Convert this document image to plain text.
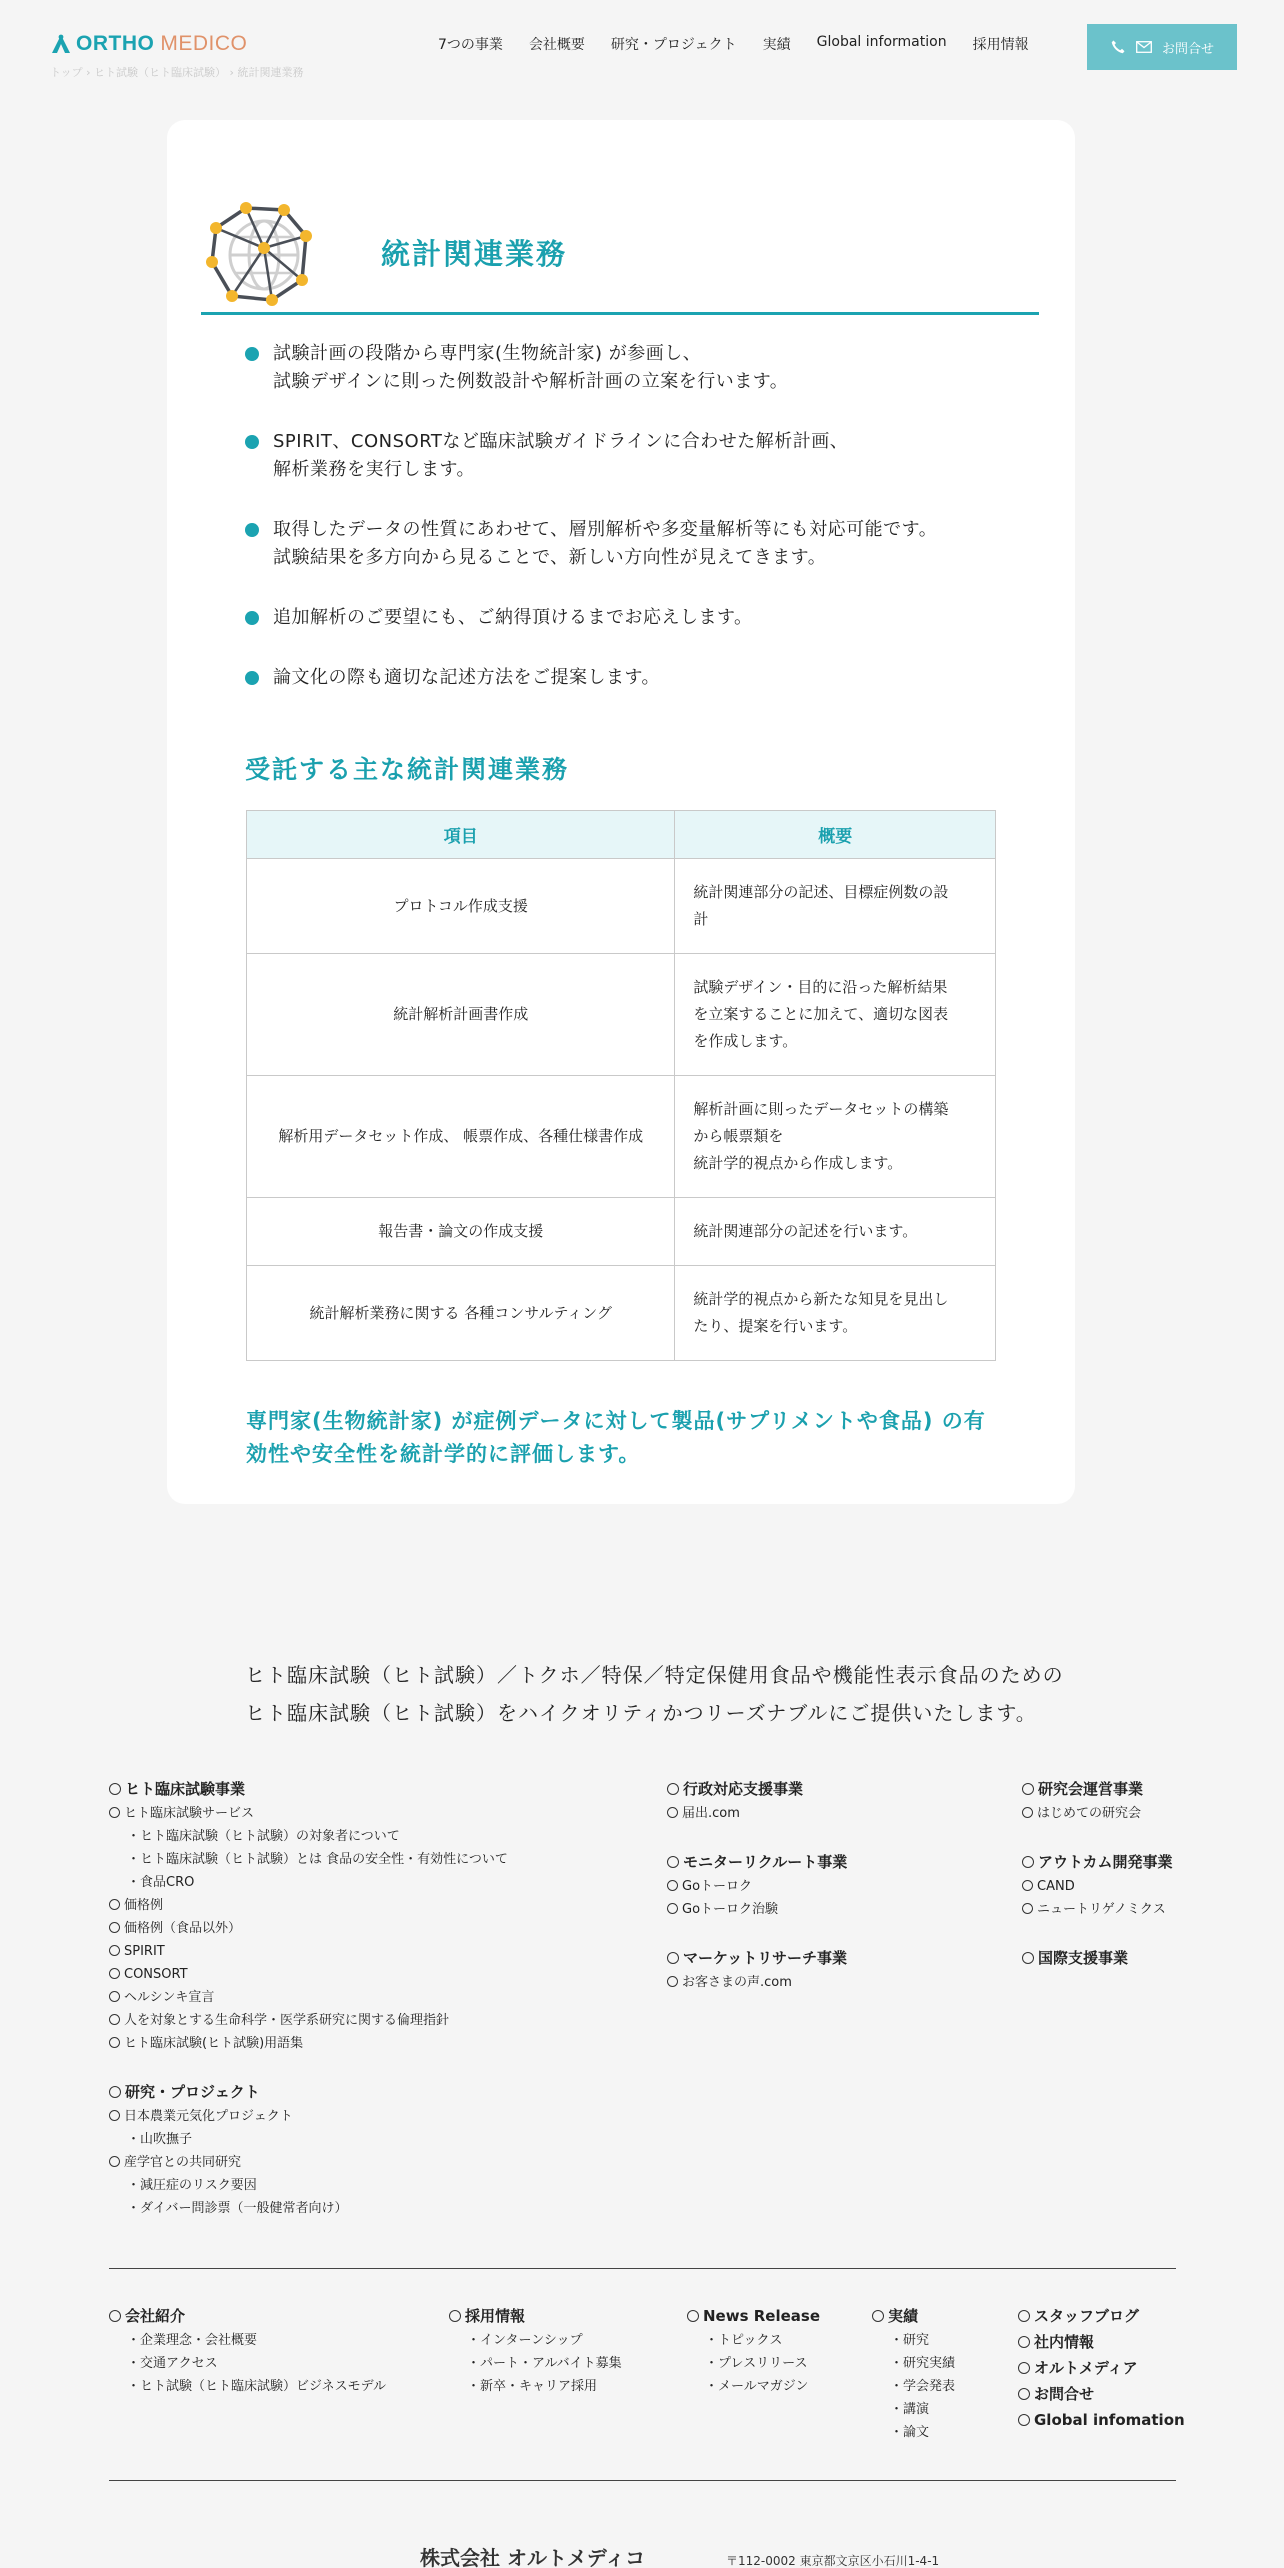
ORTHO MEDICO
トップ › ヒト試験（ヒト臨床試験） › 統計関連業務
7つの事業 会社概要 研究・プロジェクト 実績 Global information 採用情報	お問合せ
統計関連業務
試験計画の段階から専門家(生物統計家) が参画し、
試験デザインに則った例数設計や解析計画の立案を行います。
SPIRIT、CONSORTなど臨床試験ガイドラインに合わせた解析計画、
解析業務を実行します。
取得したデータの性質にあわせて、層別解析や多変量解析等にも対応可能です。
試験結果を多方向から見ることで、新しい方向性が見えてきます。
追加解析のご要望にも、ご納得頂けるまでお応えします。
論文化の際も適切な記述方法をご提案します。
受託する主な統計関連業務
項目	概要
プロトコル作成支援	統計関連部分の記述、目標症例数の設
計
統計解析計画書作成	試験デザイン・目的に沿った解析結果
を立案することに加えて、適切な図表
を作成します。
解析用データセット作成、 帳票作成、各種仕様書作成	解析計画に則ったデータセットの構築
から帳票類を
統計学的視点から作成します。
報告書・論文の作成支援	統計関連部分の記述を行います。
統計解析業務に関する 各種コンサルティング	統計学的視点から新たな知見を見出し
たり、提案を行います。

専門家(生物統計家) が症例データに対して製品(サプリメントや食品) の有
効性や安全性を統計学的に評価します。

ヒト臨床試験（ヒト試験）／トクホ／特保／特定保健用食品や機能性表示食品のための
ヒト臨床試験（ヒト試験）をハイクオリティかつリーズナブルにご提供いたします。
ヒト臨床試験事業
ヒト臨床試験サービス
・ヒト臨床試験（ヒト試験）の対象者について
・ヒト臨床試験（ヒト試験）とは 食品の安全性・有効性について
・食品CRO
価格例
価格例（食品以外）
SPIRIT
CONSORT
ヘルシンキ宣言
人を対象とする生命科学・医学系研究に関する倫理指針
ヒト臨床試験(ヒト試験)用語集
研究・プロジェクト
日本農業元気化プロジェクト
・山吹撫子
産学官との共同研究
・減圧症のリスク要因
・ダイバー問診票（一般健常者向け）
行政対応支援事業
届出.com
モニターリクルート事業
Goトーロク
Goトーロク治験
マーケットリサーチ事業
お客さまの声.com
研究会運営事業
はじめての研究会
アウトカム開発事業
CAND
ニュートリゲノミクス
国際支援事業
会社紹介
・企業理念・会社概要
・交通アクセス
・ヒト試験（ヒト臨床試験）ビジネスモデル
採用情報
・インターンシップ
・パート・アルバイト募集
・新卒・キャリア採用
News Release
・トピックス
・プレスリリース
・メールマガジン
実績
・研究
・研究実績
・学会発表
・講演
・論文
スタッフブログ
社内情報
オルトメディア
お問合せ
Global infomation
株式会社 オルトメディコ	〒112-0002 東京都文京区小石川1-4-1
